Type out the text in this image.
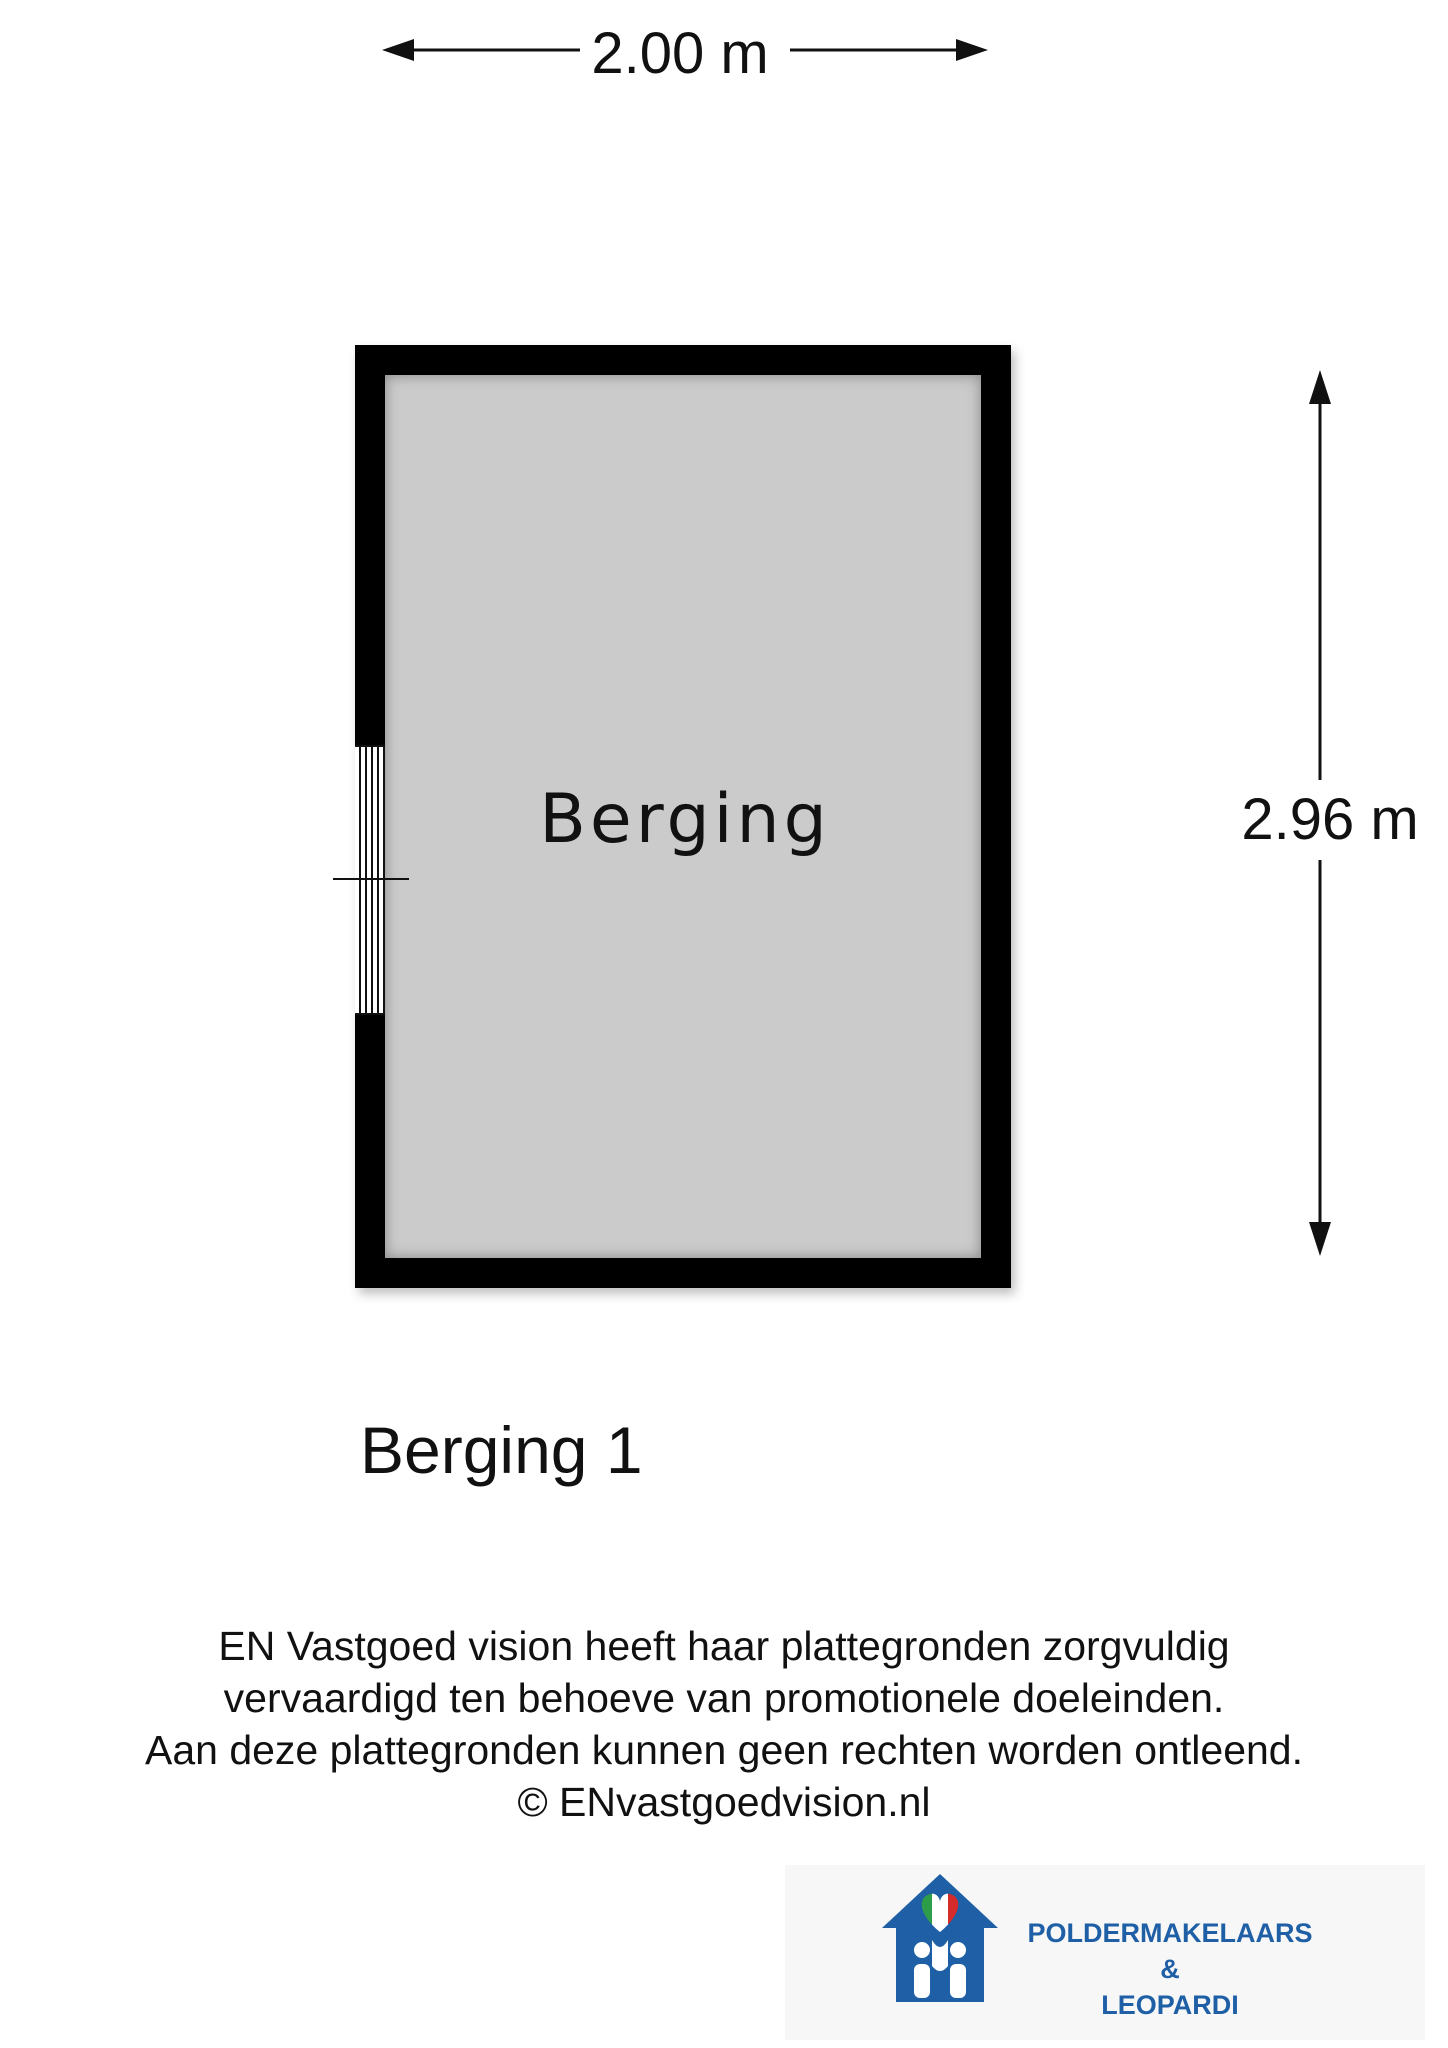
2.00 m
2.96 m
Berging
Berging 1
EN Vastgoed vision heeft haar plattegronden zorgvuldig
vervaardigd ten behoeve van promotionele doeleinden.
Aan deze plattegronden kunnen geen rechten worden ontleend.
© ENvastgoedvision.nl
POLDERMAKELAARS
&
LEOPARDI
